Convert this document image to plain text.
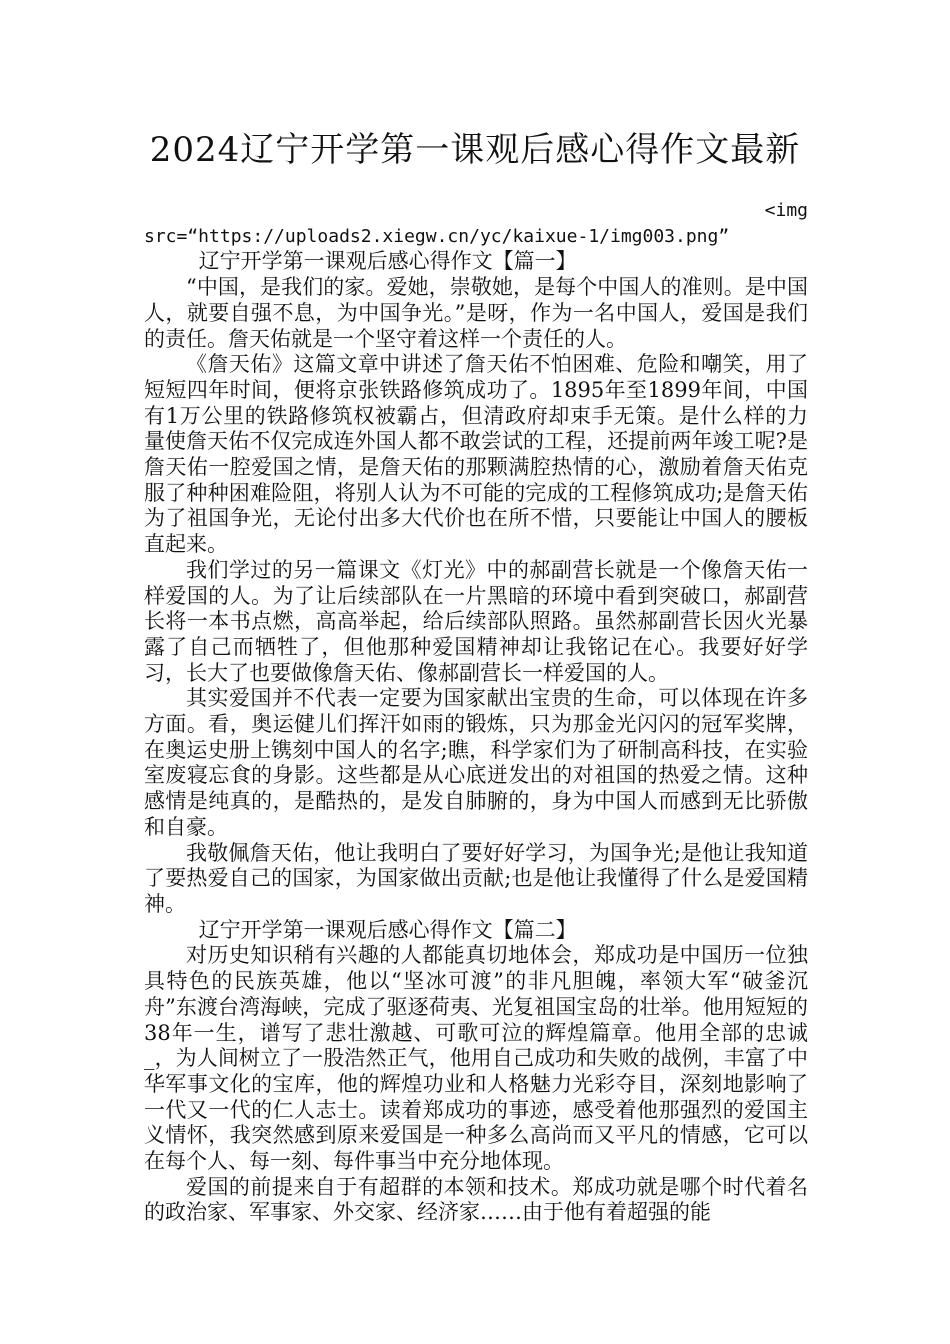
2024辽宁开学第一课观后感心得作文最新

<img

src=“https://uploads2.xiegw.cn/yc/kaixue-1/img003.png”

辽宁开学第一课观后感心得作文【篇一】

“中国，是我们的家。爱她，崇敬她，是每个中国人的准则。是中国人，就要自强不息，为中国争光。”是呀，作为一名中国人，爱国是我们的责任。詹天佑就是一个坚守着这样一个责任的人。

《詹天佑》这篇文章中讲述了詹天佑不怕困难、危险和嘲笑，用了短短四年时间，便将京张铁路修筑成功了。1895年至1899年间，中国有1万公里的铁路修筑权被霸占，但清政府却束手无策。是什么样的力量使詹天佑不仅完成连外国人都不敢尝试的工程，还提前两年竣工呢?是詹天佑一腔爱国之情，是詹天佑的那颗满腔热情的心，激励着詹天佑克服了种种困难险阻，将别人认为不可能的完成的工程修筑成功;是詹天佑为了祖国争光，无论付出多大代价也在所不惜，只要能让中国人的腰板直起来。

我们学过的另一篇课文《灯光》中的郝副营长就是一个像詹天佑一样爱国的人。为了让后续部队在一片黑暗的环境中看到突破口，郝副营长将一本书点燃，高高举起，给后续部队照路。虽然郝副营长因火光暴露了自己而牺牲了，但他那种爱国精神却让我铭记在心。我要好好学习，长大了也要做像詹天佑、像郝副营长一样爱国的人。

其实爱国并不代表一定要为国家献出宝贵的生命，可以体现在许多方面。看，奥运健儿们挥汗如雨的锻炼，只为那金光闪闪的冠军奖牌，在奥运史册上镌刻中国人的名字;瞧，科学家们为了研制高科技，在实验室废寝忘食的身影。这些都是从心底迸发出的对祖国的热爱之情。这种感情是纯真的，是酷热的，是发自肺腑的，身为中国人而感到无比骄傲和自豪。

我敬佩詹天佑，他让我明白了要好好学习，为国争光;是他让我知道了要热爱自己的国家，为国家做出贡献;也是他让我懂得了什么是爱国精神。

辽宁开学第一课观后感心得作文【篇二】

对历史知识稍有兴趣的人都能真切地体会，郑成功是中国历一位独具特色的民族英雄，他以“坚冰可渡”的非凡胆魄，率领大军“破釜沉舟”东渡台湾海峡，完成了驱逐荷夷、光复祖国宝岛的壮举。他用短短的38年一生，谱写了悲壮激越、可歌可泣的辉煌篇章。他用全部的忠诚_，为人间树立了一股浩然正气，他用自己成功和失败的战例，丰富了中华军事文化的宝库，他的辉煌功业和人格魅力光彩夺目，深刻地影响了一代又一代的仁人志士。读着郑成功的事迹，感受着他那强烈的爱国主义情怀，我突然感到原来爱国是一种多么高尚而又平凡的情感，它可以在每个人、每一刻、每件事当中充分地体现。

爱国的前提来自于有超群的本领和技术。郑成功就是哪个时代着名的政治家、军事家、外交家、经济家……由于他有着超强的能
